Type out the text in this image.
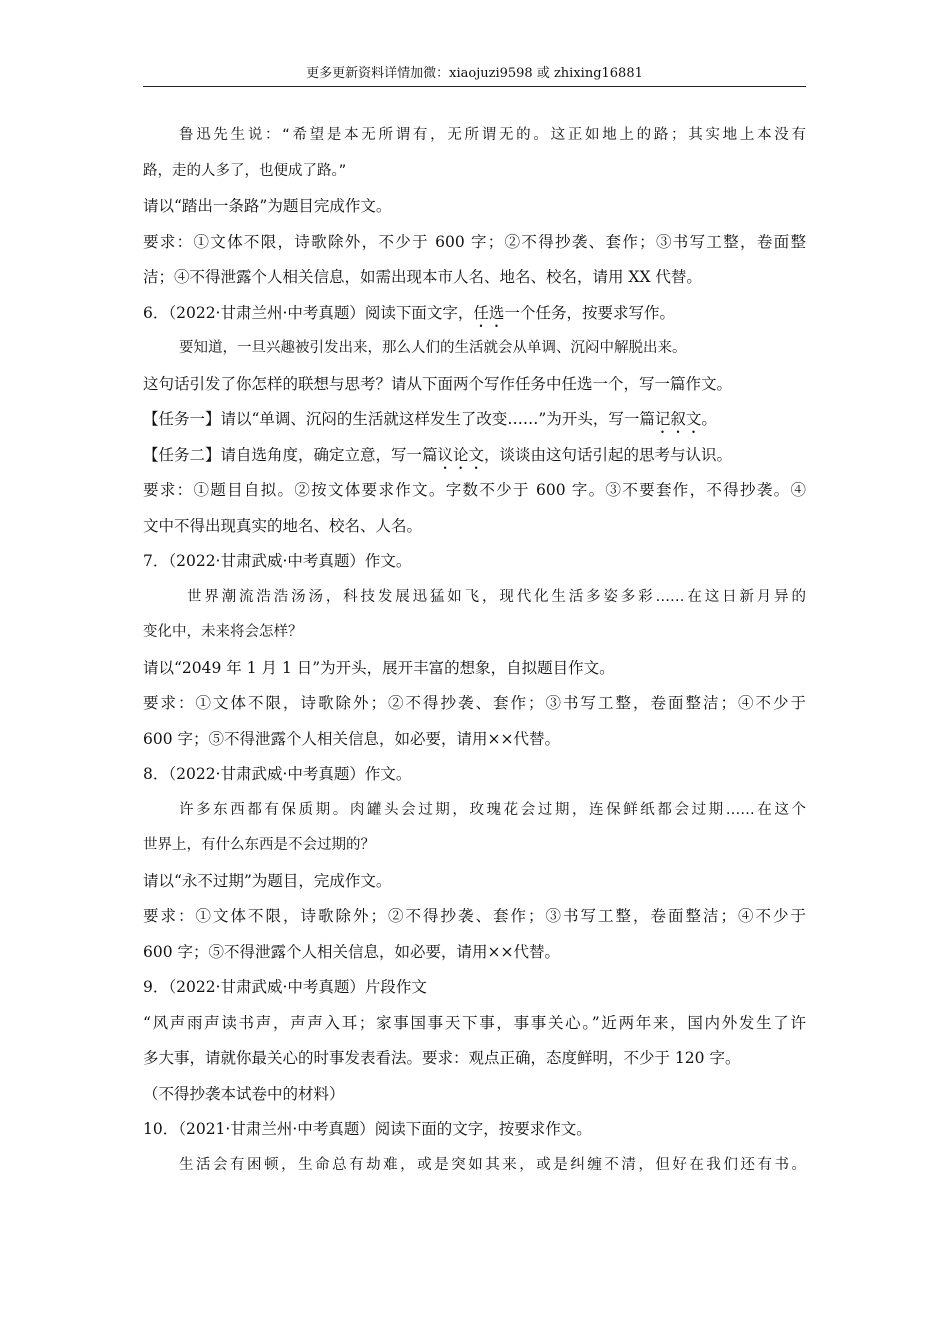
更多更新资料详情加微：xiaojuzi9598 或 zhixing16881
鲁迅先生说：“希望是本无所谓有，无所谓无的。这正如地上的路；其实地上本没有
路，走的人多了，也便成了路。”
请以“踏出一条路”为题目完成作文。
要求：①文体不限，诗歌除外，不少于 600 字；②不得抄袭、套作；③书写工整，卷面整
洁；④不得泄露个人相关信息，如需出现本市人名、地名、校名，请用 XX 代替。
6．（2022·甘肃兰州·中考真题）阅读下面文字，任选一个任务，按要求写作。
要知道，一旦兴趣被引发出来，那么人们的生活就会从单调、沉闷中解脱出来。
这句话引发了你怎样的联想与思考？请从下面两个写作任务中任选一个，写一篇作文。
【任务一】请以“单调、沉闷的生活就这样发生了改变……”为开头，写一篇记叙文。
【任务二】请自选角度，确定立意，写一篇议论文，谈谈由这句话引起的思考与认识。
要求：①题目自拟。②按文体要求作文。字数不少于 600 字。③不要套作，不得抄袭。④
文中不得出现真实的地名、校名、人名。
7．（2022·甘肃武威·中考真题）作文。
世界潮流浩浩汤汤，科技发展迅猛如飞，现代化生活多姿多彩……在这日新月异的
变化中，未来将会怎样？
请以“2049 年 1 月 1 日”为开头，展开丰富的想象，自拟题目作文。
要求：①文体不限，诗歌除外；②不得抄袭、套作；③书写工整，卷面整洁；④不少于
600 字；⑤不得泄露个人相关信息，如必要，请用××代替。
8．（2022·甘肃武威·中考真题）作文。
许多东西都有保质期。肉罐头会过期，玫瑰花会过期，连保鲜纸都会过期……在这个
世界上，有什么东西是不会过期的？
请以“永不过期”为题目，完成作文。
要求：①文体不限，诗歌除外；②不得抄袭、套作；③书写工整，卷面整洁；④不少于
600 字；⑤不得泄露个人相关信息，如必要，请用××代替。
9．（2022·甘肃武威·中考真题）片段作文
“风声雨声读书声，声声入耳；家事国事天下事，事事关心。”近两年来，国内外发生了许
多大事，请就你最关心的时事发表看法。要求：观点正确，态度鲜明，不少于 120 字。
（不得抄袭本试卷中的材料）
10．（2021·甘肃兰州·中考真题）阅读下面的文字，按要求作文。
生活会有困顿，生命总有劫难，或是突如其来，或是纠缠不清，但好在我们还有书。
